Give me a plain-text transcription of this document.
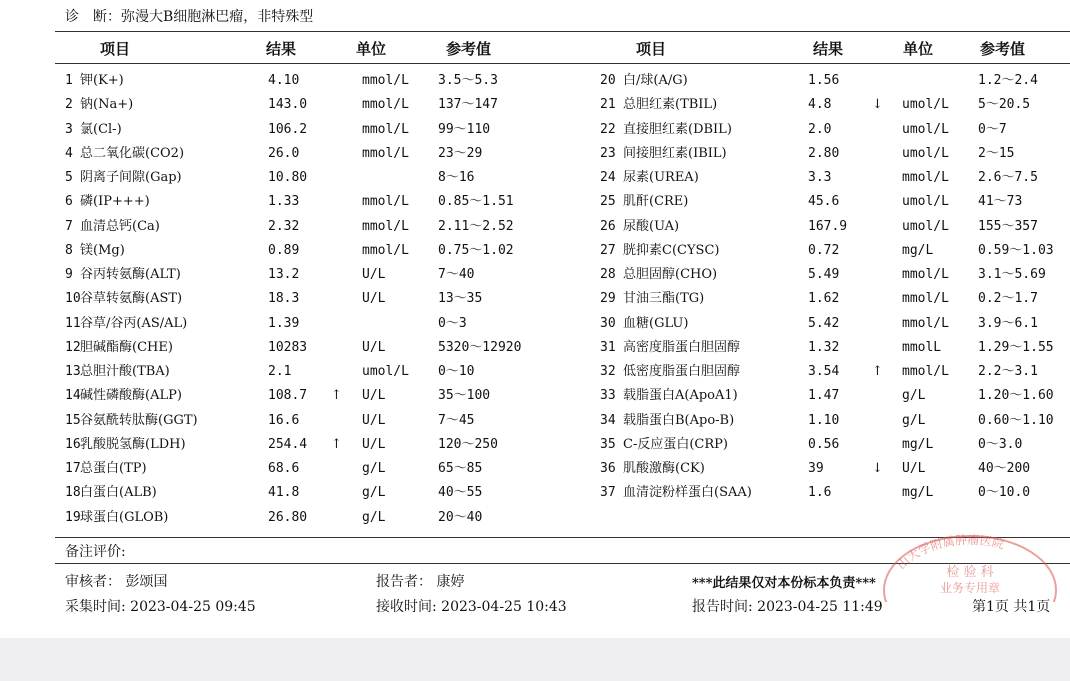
诊　断：弥漫大B细胞淋巴瘤，非特殊型
项目	结果	单位	参考值	项目	结果	单位	参考值
1 钾(K+)	4.10	mmol/L 3.5～5.3
2 钠(Na+)	143.0	mmol/L 137～147
3 氯(Cl-)	106.2	mmol/L 99～110
4 总二氧化碳(CO2)	26.0	mmol/L 23～29
5 阴离子间隙(Gap)	10.80	8～16
6 磷(IP+++)	1.33	mmol/L 0.85～1.51
7 血清总钙(Ca)	2.32	mmol/L 2.11～2.52
8 镁(Mg)	0.89	mmol/L 0.75～1.02
9 谷丙转氨酶(ALT)	13.2	U/L	7～40
10 谷草转氨酶(AST)	18.3	U/L	13～35
11 谷草/谷丙(AS/AL)	1.39	0～3
12 胆碱酯酶(CHE)	10283	U/L	5320～12920
13 总胆汁酸(TBA)	2.1	umol/L 0～10
14 碱性磷酸酶(ALP)	108.7 ↑ U/L	35～100
15 谷氨酰转肽酶(GGT)	16.6	U/L	7～45
16 乳酸脱氢酶(LDH)	254.4 ↑ U/L	120～250
17 总蛋白(TP)	68.6	g/L	65～85
18 白蛋白(ALB)	41.8	g/L	40～55
19 球蛋白(GLOB)	26.80	g/L	20～40
20 白/球(A/G)	1.56	1.2～2.4
21 总胆红素(TBIL)	4.8	↓ umol/L 5～20.5
22 直接胆红素(DBIL)	2.0	umol/L 0～7
23 间接胆红素(IBIL)	2.80	umol/L 2～15
24 尿素(UREA)	3.3	mmol/L 2.6～7.5
25 肌酐(CRE)	45.6	umol/L 41～73
26 尿酸(UA)	167.9	umol/L 155～357
27 胱抑素C(CYSC)	0.72	mg/L	0.59～1.03
28 总胆固醇(CHO)	5.49	mmol/L 3.1～5.69
29 甘油三酯(TG)	1.62	mmol/L 0.2～1.7
30 血糖(GLU)	5.42	mmol/L 3.9～6.1
31 高密度脂蛋白胆固醇	1.32	mmolL	1.29～1.55
32 低密度脂蛋白胆固醇	3.54	↑ mmol/L 2.2～3.1
33 载脂蛋白A(ApoA1)	1.47	g/L	1.20～1.60
34 载脂蛋白B(Apo-B)	1.10	g/L	0.60～1.10
35 C-反应蛋白(CRP)	0.56	mg/L	0～3.0
36 肌酸激酶(CK)	39	↓ U/L	40～200
37 血清淀粉样蛋白(SAA)	1.6	mg/L	0～10.0
备注评价:
审核者： 彭颂国	报告者： 康婷	***此结果仅对本份标本负责***
采集时间: 2023-04-25 09:45	接收时间: 2023-04-25 10:43	报告时间: 2023-04-25 11:49	第1页 共1页
山大学附属肿瘤医院
检 验 科
业务专用章
